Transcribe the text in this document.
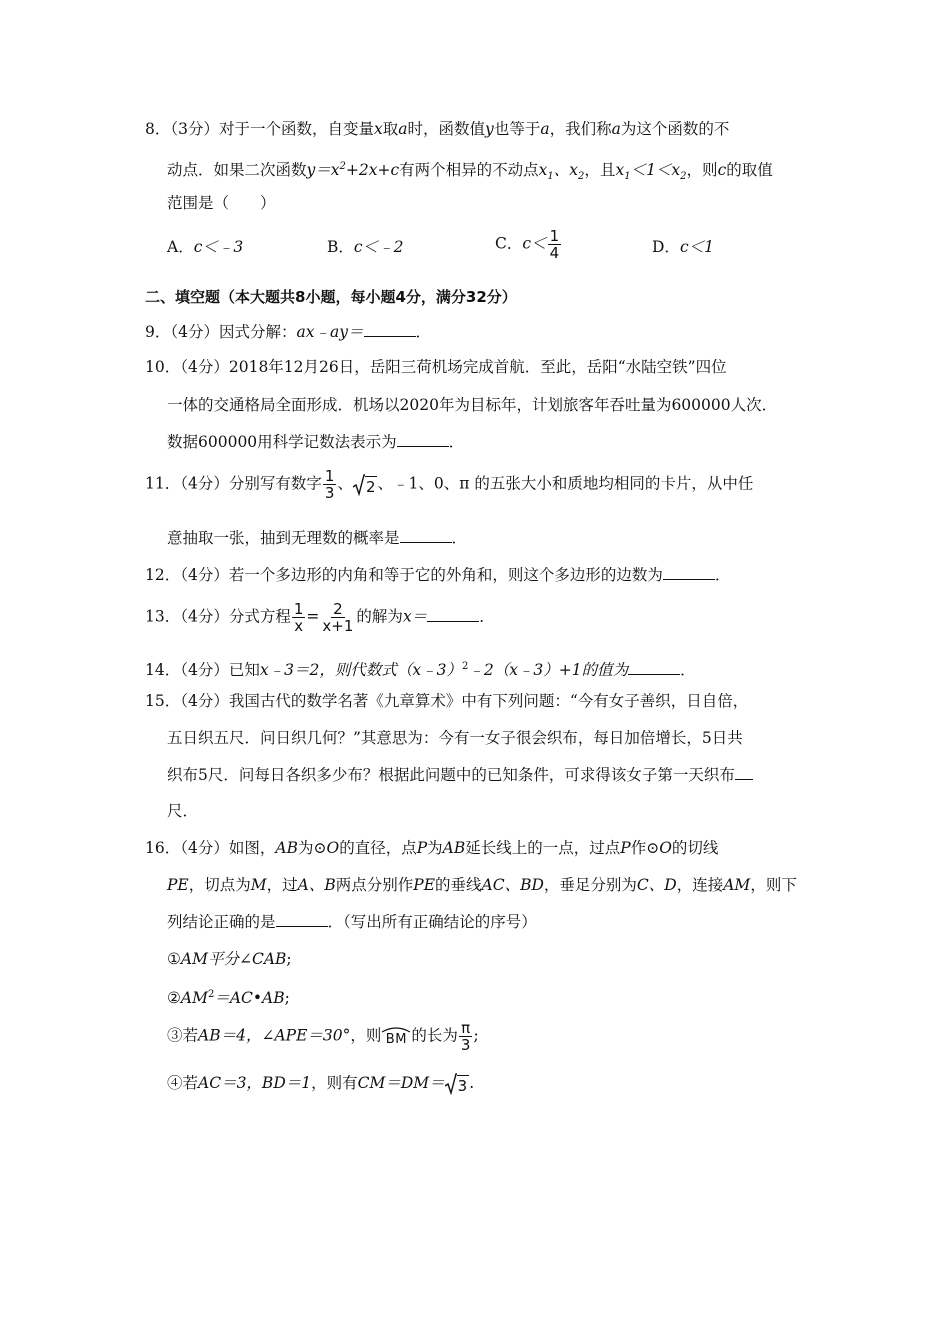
8．（3分）对于一个函数，自变量x取a时，函数值y也等于a，我们称a为这个函数的不
动点．如果二次函数$y=x^2+2x+c$有两个相异的不动点$x_1$、$x_2$，且$x_1<1<x_2$，则c的取值
范围是（　　）
A．c＜﹣3	B．c＜﹣2	C．$c< \frac{1}{4}$	D．c＜1
二、填空题（本大题共8小题，每小题4分，满分32分）
9．（4分）因式分解：ax﹣ay＝	．
10．（4分）2018年12月26日，岳阳三荷机场完成首航．至此，岳阳“水陆空铁”四位
一体的交通格局全面形成．机场以2020年为目标年，计划旅客年吞吐量为600000人次．
数据600000用科学记数法表示为	．
11．（4分）分别写有数字 $\frac{1}{3}$ 、 2 、﹣1、0、π 的五张大小和质地均相同的卡片，从中任
意抽取一张，抽到无理数的概率是	．
12．（4分）若一个多边形的内角和等于它的外角和，则这个多边形的边数为	．
13．（4分）分式方程 $\frac{1}{x} = \frac{2}{x+1}$ 的解为x＝	．
14．（4分）已知x﹣3＝2，则代数式（x﹣3）$^2$﹣2（x﹣3）+1的值为	．
15．（4分）我国古代的数学名著《九章算术》中有下列问题：“今有女子善织，日自倍，
五日织五尺．问日织几何？”其意思为：今有一女子很会织布，每日加倍增长，5日共
织布5尺．问每日各织多少布？根据此问题中的已知条件，可求得该女子第一天织布
尺．
16．（4分）如图，AB为⊙O的直径，点P为AB延长线上的一点，过点P作⊙O的切线
PE，切点为M，过A、B两点分别作PE的垂线AC、BD，垂足分别为C、D，连接AM，则下
列结论正确的是	．（写出所有正确结论的序号）
①AM平分∠CAB;
$②AM^2=AC•AB$;
③若AB＝4，∠APE＝30°，则 BM 的长为 $\frac{\pi}{3}$ ;
④若AC＝3，BD＝1，则有CM＝DM＝ 3 .
